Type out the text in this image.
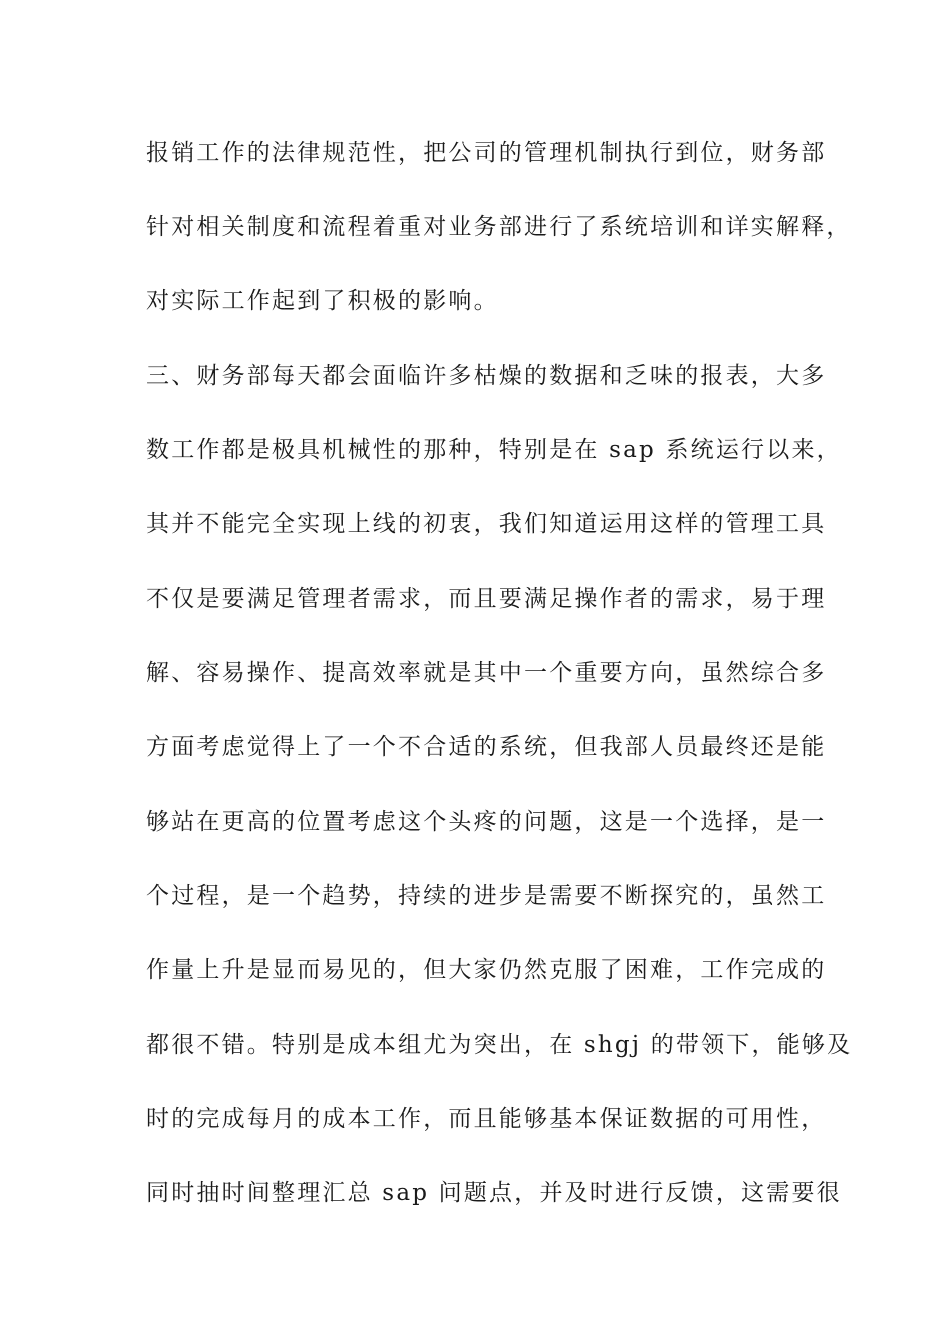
报销工作的法律规范性，把公司的管理机制执行到位，财务部
针对相关制度和流程着重对业务部进行了系统培训和详实解释，
对实际工作起到了积极的影响。
三、财务部每天都会面临许多枯燥的数据和乏味的报表，大多
数工作都是极具机械性的那种，特别是在 sap 系统运行以来，
其并不能完全实现上线的初衷，我们知道运用这样的管理工具
不仅是要满足管理者需求，而且要满足操作者的需求，易于理
解、容易操作、提高效率就是其中一个重要方向，虽然综合多
方面考虑觉得上了一个不合适的系统，但我部人员最终还是能
够站在更高的位置考虑这个头疼的问题，这是一个选择，是一
个过程，是一个趋势，持续的进步是需要不断探究的，虽然工
作量上升是显而易见的，但大家仍然克服了困难，工作完成的
都很不错。特别是成本组尤为突出，在 shgj 的带领下，能够及
时的完成每月的成本工作，而且能够基本保证数据的可用性，
同时抽时间整理汇总 sap 问题点，并及时进行反馈，这需要很
